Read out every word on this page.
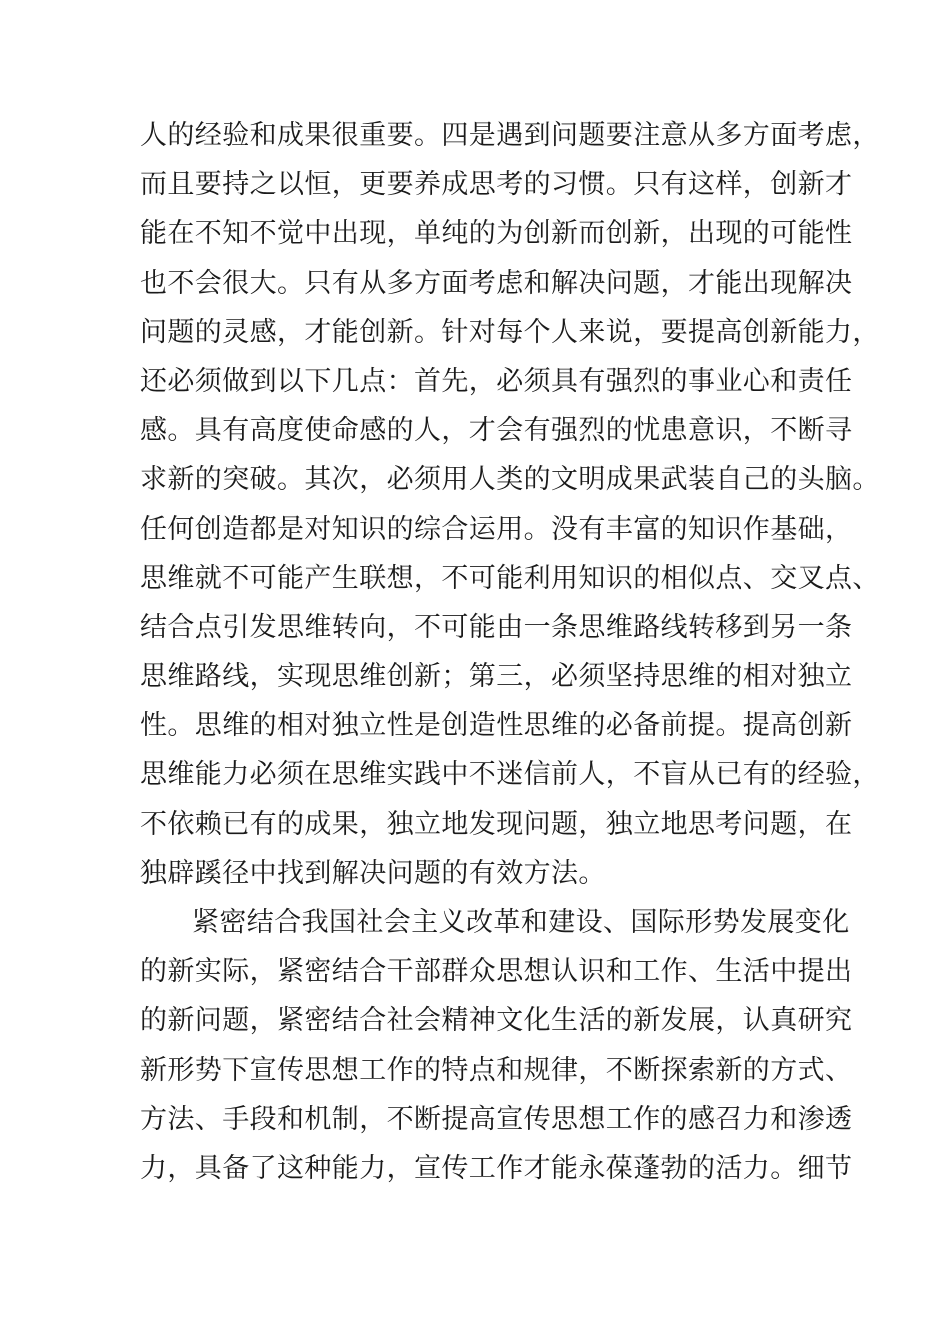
人的经验和成果很重要。四是遇到问题要注意从多方面考虑，
而且要持之以恒，更要养成思考的习惯。只有这样，创新才
能在不知不觉中出现，单纯的为创新而创新，出现的可能性
也不会很大。只有从多方面考虑和解决问题，才能出现解决
问题的灵感，才能创新。针对每个人来说，要提高创新能力，
还必须做到以下几点：首先，必须具有强烈的事业心和责任
感。具有高度使命感的人，才会有强烈的忧患意识，不断寻
求新的突破。其次，必须用人类的文明成果武装自己的头脑。
任何创造都是对知识的综合运用。没有丰富的知识作基础，
思维就不可能产生联想，不可能利用知识的相似点、交叉点、
结合点引发思维转向，不可能由一条思维路线转移到另一条
思维路线，实现思维创新；第三，必须坚持思维的相对独立
性。思维的相对独立性是创造性思维的必备前提。提高创新
思维能力必须在思维实践中不迷信前人，不盲从已有的经验，
不依赖已有的成果，独立地发现问题，独立地思考问题，在
独辟蹊径中找到解决问题的有效方法。
紧密结合我国社会主义改革和建设、国际形势发展变化
的新实际，紧密结合干部群众思想认识和工作、生活中提出
的新问题，紧密结合社会精神文化生活的新发展，认真研究
新形势下宣传思想工作的特点和规律，不断探索新的方式、
方法、手段和机制，不断提高宣传思想工作的感召力和渗透
力，具备了这种能力，宣传工作才能永葆蓬勃的活力。细节
